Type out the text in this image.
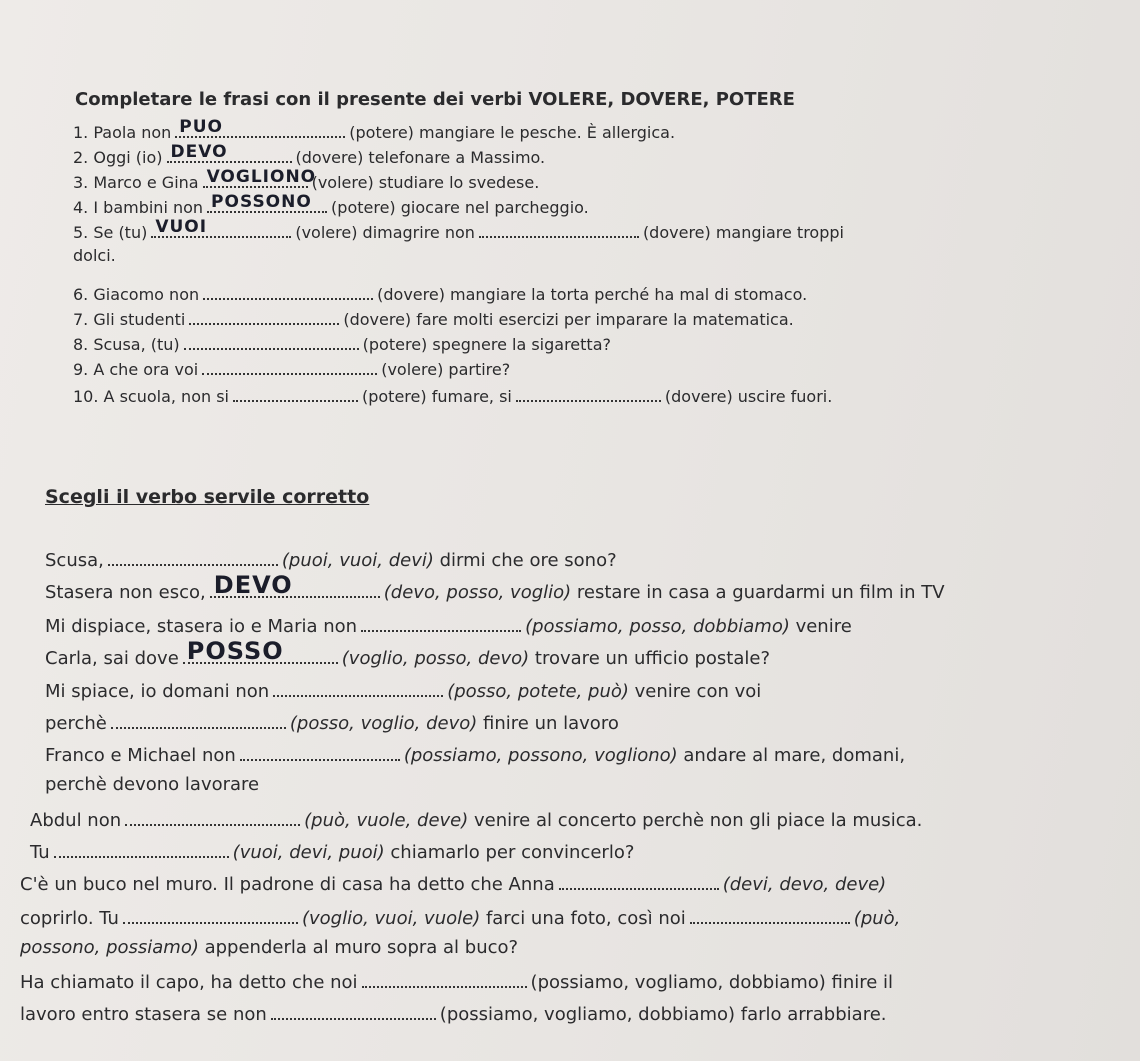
Completare le frasi con il presente dei verbi VOLERE, DOVERE, POTERE
1. Paola non PUO	(potere) mangiare le pesche. È allergica.
2. Oggi (io) DEVO	(dovere) telefonare a Massimo.
3. Marco e Gina VOGLIONO
(volere) studiare lo svedese.
4. I bambini non POSSONO (potere) giocare nel parcheggio.
5. Se (tu) VUOI	(volere) dimagrire non	(dovere) mangiare troppi
dolci.
6. Giacomo non	(dovere) mangiare la torta perché ha mal di stomaco.
7. Gli studenti	(dovere) fare molti esercizi per imparare la matematica.
8. Scusa, (tu)	(potere) spegnere la sigaretta?
9. A che ora voi	(volere) partire?
10. A scuola, non si	(potere) fumare, si	(dovere) uscire fuori.
Scegli il verbo servile corretto
Scusa,	(puoi, vuoi, devi) dirmi che ore sono?
Stasera non esco, DEVO	(devo, posso, voglio) restare in casa a guardarmi un film in TV
Mi dispiace, stasera io e Maria non	(possiamo, posso, dobbiamo) venire
Carla, sai dove POSSO	(voglio, posso, devo) trovare un ufficio postale?
Mi spiace, io domani non	(posso, potete, può) venire con voi
perchè	(posso, voglio, devo) finire un lavoro
Franco e Michael non	(possiamo, possono, vogliono) andare al mare, domani,
perchè devono lavorare
Abdul non	(può, vuole, deve) venire al concerto perchè non gli piace la musica.
Tu	(vuoi, devi, puoi) chiamarlo per convincerlo?
C'è un buco nel muro. Il padrone di casa ha detto che Anna	(devi, devo, deve)
coprirlo. Tu	(voglio, vuoi, vuole) farci una foto, così noi	(può,
possono, possiamo) appenderla al muro sopra al buco?
Ha chiamato il capo, ha detto che noi	(possiamo, vogliamo, dobbiamo) finire il
lavoro entro stasera se non	(possiamo, vogliamo, dobbiamo) farlo arrabbiare.
